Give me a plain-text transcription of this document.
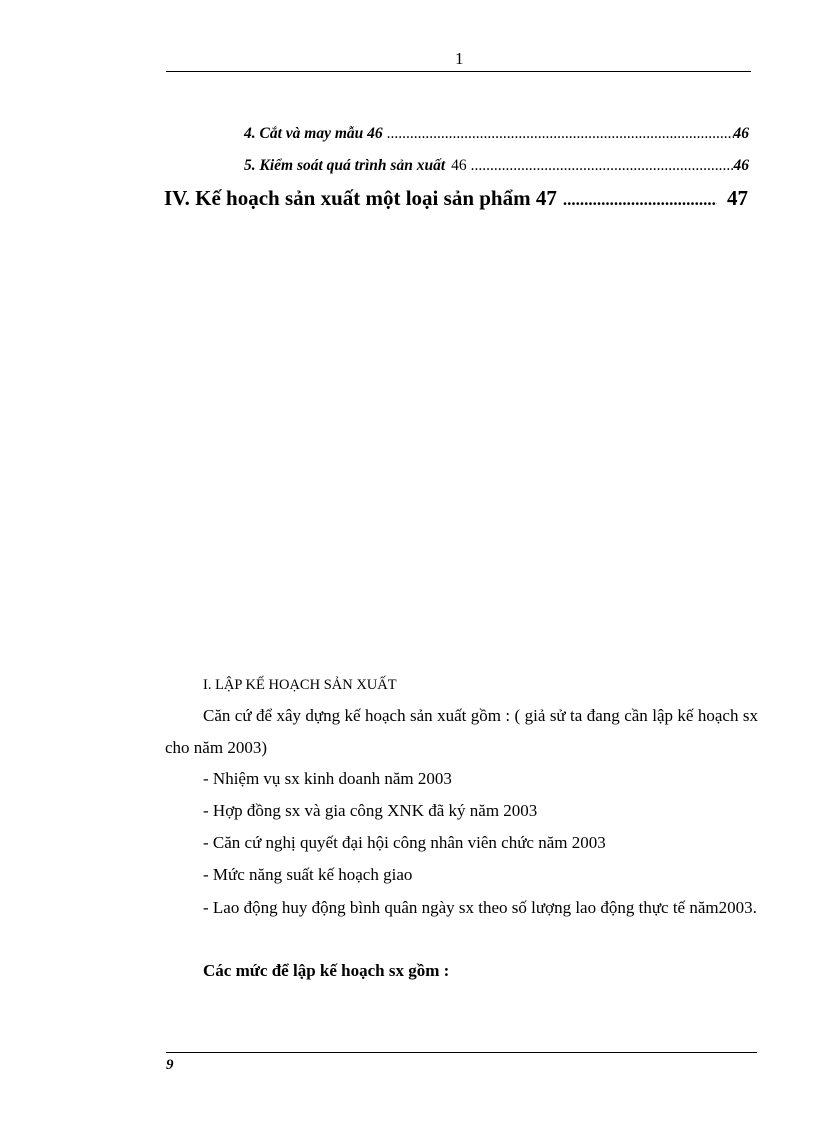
1
4. Cắt và may mẫu 46 .....	46
5. Kiểm soát quá trình sản xuất 46 .....	46
IV. Kế hoạch sản xuất một loại sản phẩm 47 .....	47
I. LẬP KẾ HOẠCH SẢN XUẤT
Căn cứ để xây dựng kế hoạch sản xuất gồm : ( giả sử ta đang cần lập kế hoạch sx cho năm 2003)
- Nhiệm vụ sx kinh doanh năm 2003
- Hợp đồng sx và gia công XNK đã ký năm 2003
- Căn cứ nghị quyết đại hội công nhân viên chức năm 2003
- Mức năng suất kế hoạch giao
- Lao động huy động bình quân ngày sx theo số lượng lao động thực tế năm2003.
Các mức để lập kế hoạch sx gồm :
9
